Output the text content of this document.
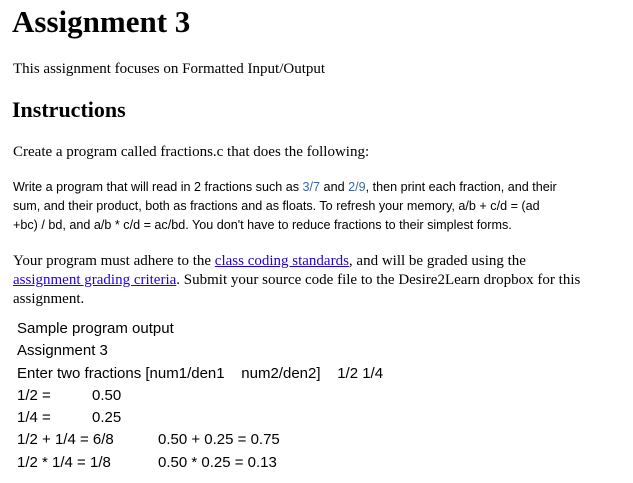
Assignment 3

This assignment focuses on Formatted Input/Output

Instructions

Create a program called fractions.c that does the following:

Write a program that will read in 2 fractions such as 3/7 and 2/9, then print each fraction, and their
sum, and their product, both as fractions and as floats. To refresh your memory, a/b + c/d = (ad
+bc) / bd, and a/b * c/d = ac/bd. You don't have to reduce fractions to their simplest forms.
Your program must adhere to the class coding standards, and will be graded using the
assignment grading criteria. Submit your source code file to the Desire2Learn dropbox for this
assignment.
Sample program output
Assignment 3
Enter two fractions [num1/den1    num2/den2] 1/2 1/4
1/2 =	0.50
1/4 =	0.25
1/2 + 1/4 = 6/8	0.50 + 0.25 = 0.75
1/2 * 1/4 = 1/8	0.50 * 0.25 = 0.13
